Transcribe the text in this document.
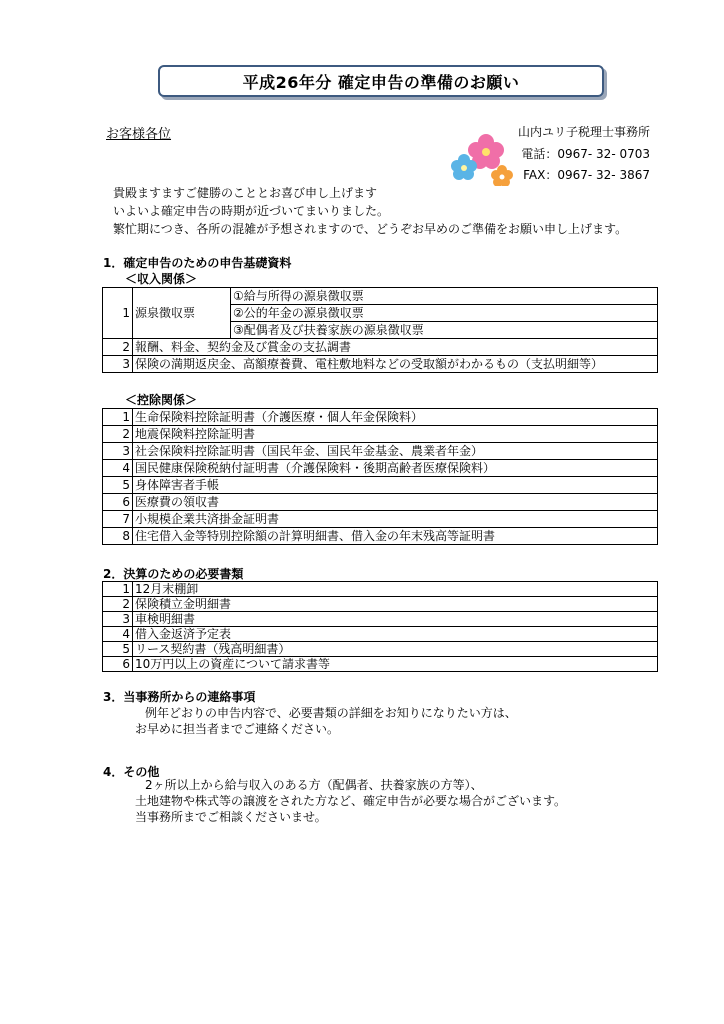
平成26年分 確定申告の準備のお願い
お客様各位	山内ユリ子税理士事務所
電話：0967- 32- 0703
FAX：0967- 32- 3867
貴殿ますますご健勝のこととお喜び申し上げます
いよいよ確定申告の時期が近づいてまいりました。
繁忙期につき、各所の混雑が予想されますので、どうぞお早めのご準備をお願い申し上げます。
1．確定申告のための申告基礎資料
＜収入関係＞
1	源泉徴収票	①給与所得の源泉徴収票
		②公的年金の源泉徴収票
		③配偶者及び扶養家族の源泉徴収票
2	報酬、料金、契約金及び賞金の支払調書	
3	保険の満期返戻金、高額療養費、電柱敷地料などの受取額がわかるもの（支払明細等）	
＜控除関係＞
1	生命保険料控除証明書（介護医療・個人年金保険料）
2	地震保険料控除証明書
3	社会保険料控除証明書（国民年金、国民年金基金、農業者年金）
4	国民健康保険税納付証明書（介護保険料・後期高齢者医療保険料）
5	身体障害者手帳
6	医療費の領収書
7	小規模企業共済掛金証明書
8	住宅借入金等特別控除額の計算明細書、借入金の年末残高等証明書
2．決算のための必要書類
1	12月末棚卸
2	保険積立金明細書
3	車検明細書
4	借入金返済予定表
5	リース契約書（残高明細書）
6	10万円以上の資産について請求書等
3．当事務所からの連絡事項
例年どおりの申告内容で、必要書類の詳細をお知りになりたい方は、
お早めに担当者までご連絡ください。
4．その他
2ヶ所以上から給与収入のある方（配偶者、扶養家族の方等）、
土地建物や株式等の譲渡をされた方など、確定申告が必要な場合がございます。
当事務所までご相談くださいませ。
